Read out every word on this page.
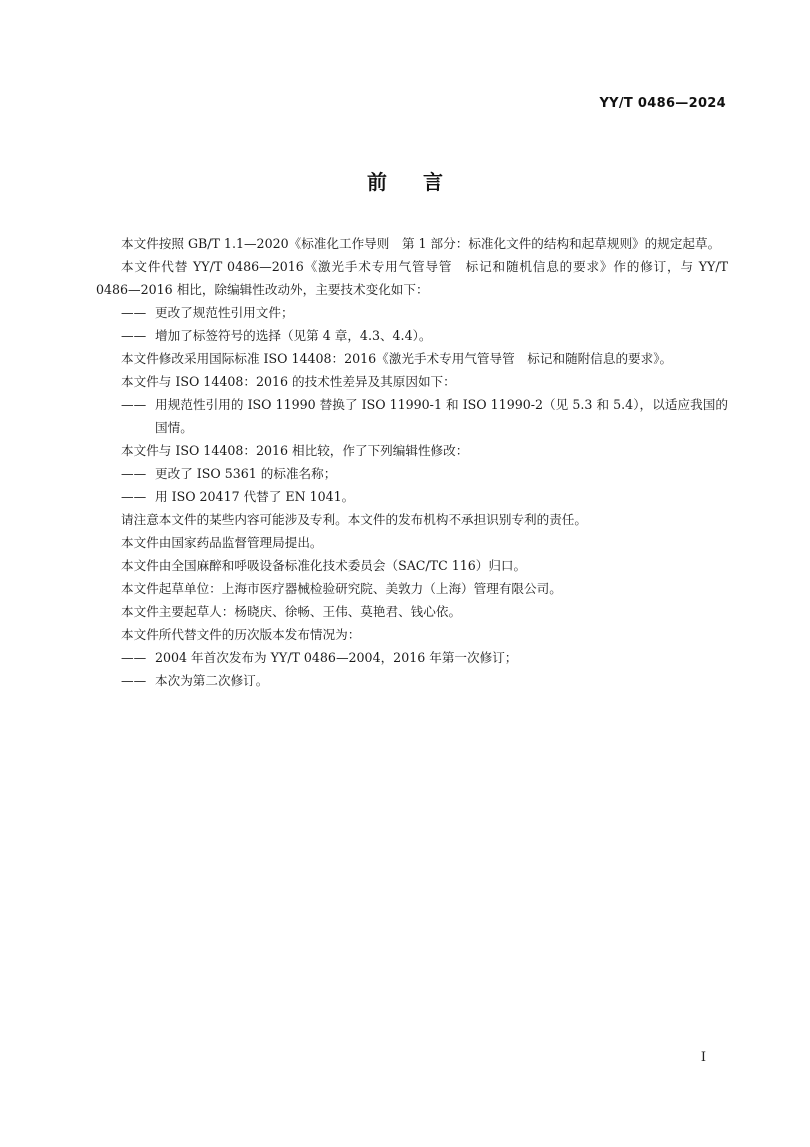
YY/T 0486—2024
前 言

本文件按照 GB/T 1.1—2020《标准化工作导则　第 1 部分：标准化文件的结构和起草规则》的规定起草。

本文件代替 YY/T 0486—2016《激光手术专用气管导管　标记和随机信息的要求》作的修订，与 YY/T 0486—2016 相比，除编辑性改动外，主要技术变化如下：

—— 更改了规范性引用文件；

—— 增加了标签符号的选择（见第 4 章，4.3、4.4）。

本文件修改采用国际标准 ISO 14408：2016《激光手术专用气管导管　标记和随附信息的要求》。

本文件与 ISO 14408：2016 的技术性差异及其原因如下：

—— 用规范性引用的 ISO 11990 替换了 ISO 11990-1 和 ISO 11990-2（见 5.3 和 5.4），以适应我国的国情。

本文件与 ISO 14408：2016 相比较，作了下列编辑性修改：

—— 更改了 ISO 5361 的标准名称；

—— 用 ISO 20417 代替了 EN 1041。

请注意本文件的某些内容可能涉及专利。本文件的发布机构不承担识别专利的责任。

本文件由国家药品监督管理局提出。

本文件由全国麻醉和呼吸设备标准化技术委员会（SAC/TC 116）归口。

本文件起草单位：上海市医疗器械检验研究院、美敦力（上海）管理有限公司。

本文件主要起草人：杨晓庆、徐畅、王伟、莫艳君、钱心依。

本文件所代替文件的历次版本发布情况为：

—— 2004 年首次发布为 YY/T 0486—2004，2016 年第一次修订；

—— 本次为第二次修订。

I
